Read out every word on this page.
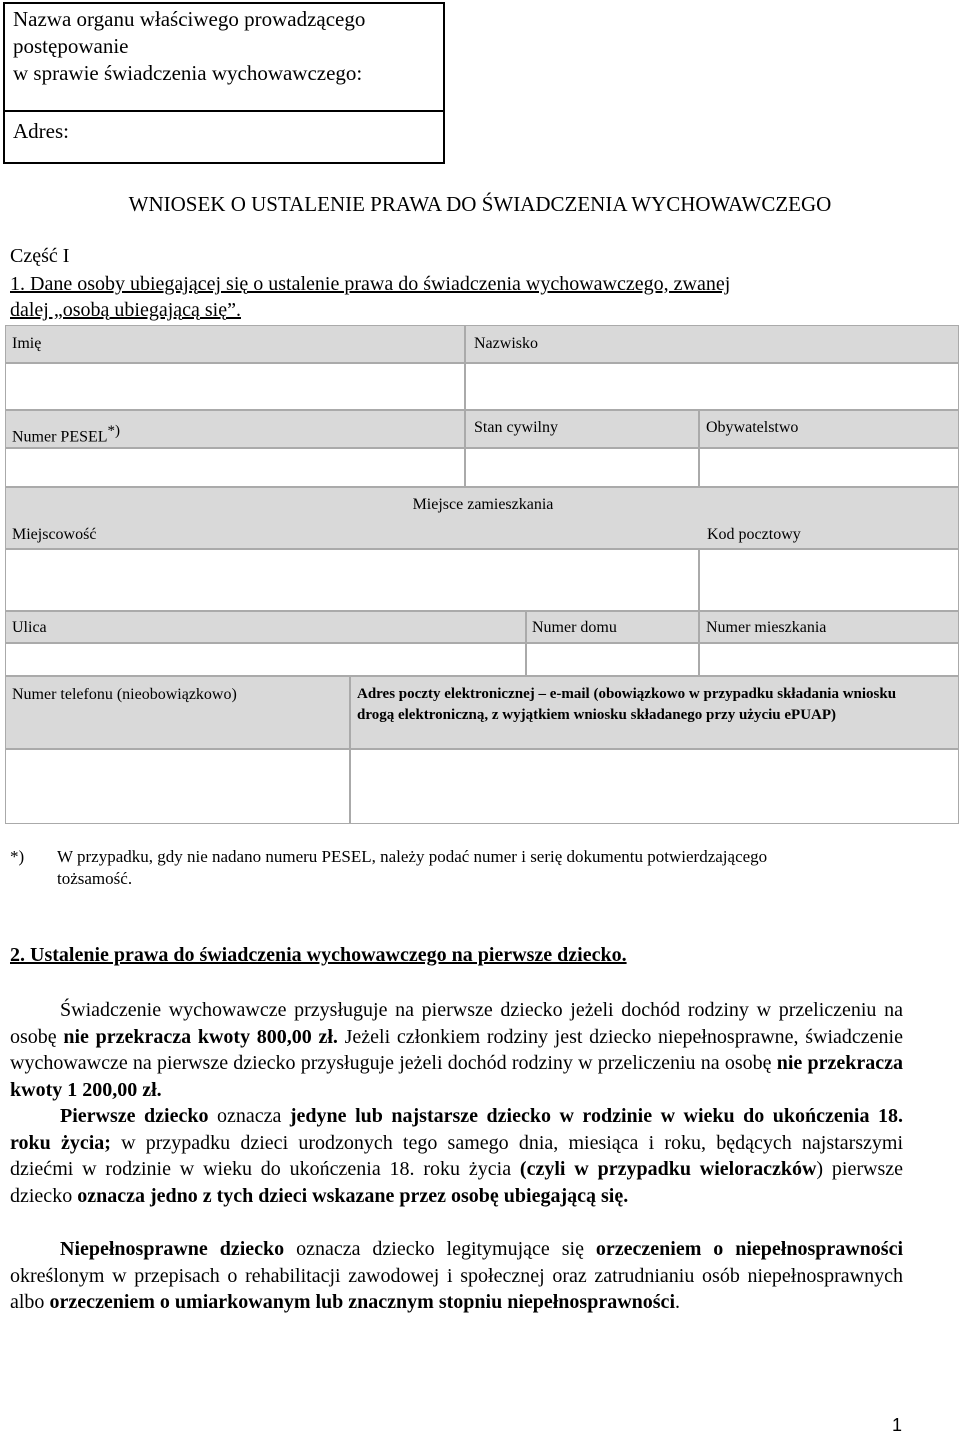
Nazwa organu właściwego prowadzącego
postępowanie
w sprawie świadczenia wychowawczego:
Adres:
WNIOSEK O USTALENIE PRAWA DO ŚWIADCZENIA WYCHOWAWCZEGO
Część I
1. Dane osoby ubiegającej się o ustalenie prawa do świadczenia wychowawczego, zwanej
dalej „osobą ubiegającą się”.
Imię	Nazwisko
Numer PESEL*)	Stan cywilny	Obywatelstwo
Miejsce zamieszkania
Miejscowość	Kod pocztowy
Ulica	Numer domu	Numer mieszkania
Numer telefonu (nieobowiązkowo)	Adres poczty elektronicznej – e-mail (obowiązkowo w przypadku składania wniosku drogą elektroniczną, z wyjątkiem wniosku składanego przy użyciu ePUAP)
*) W przypadku, gdy nie nadano numeru PESEL, należy podać numer i serię dokumentu potwierdzającego
tożsamość.
2. Ustalenie prawa do świadczenia wychowawczego na pierwsze dziecko.
Świadczenie wychowawcze przysługuje na pierwsze dziecko jeżeli dochód rodziny w przeliczeniu na osobę nie przekracza kwoty 800,00 zł. Jeżeli członkiem rodziny jest dziecko niepełnosprawne, świadczenie wychowawcze na pierwsze dziecko przysługuje jeżeli dochód rodziny w przeliczeniu na osobę nie przekracza kwoty 1 200,00 zł.
Pierwsze dziecko oznacza jedyne lub najstarsze dziecko w rodzinie w wieku do ukończenia 18. roku życia; w przypadku dzieci urodzonych tego samego dnia, miesiąca i roku, będących najstarszymi dziećmi w rodzinie w wieku do ukończenia 18. roku życia (czyli w przypadku wieloraczków) pierwsze dziecko oznacza jedno z tych dzieci wskazane przez osobę ubiegającą się.
Niepełnosprawne dziecko oznacza dziecko legitymujące się orzeczeniem o niepełnosprawności określonym w przepisach o rehabilitacji zawodowej i społecznej oraz zatrudnianiu osób niepełnosprawnych albo orzeczeniem o umiarkowanym lub znacznym stopniu niepełnosprawności.
1
